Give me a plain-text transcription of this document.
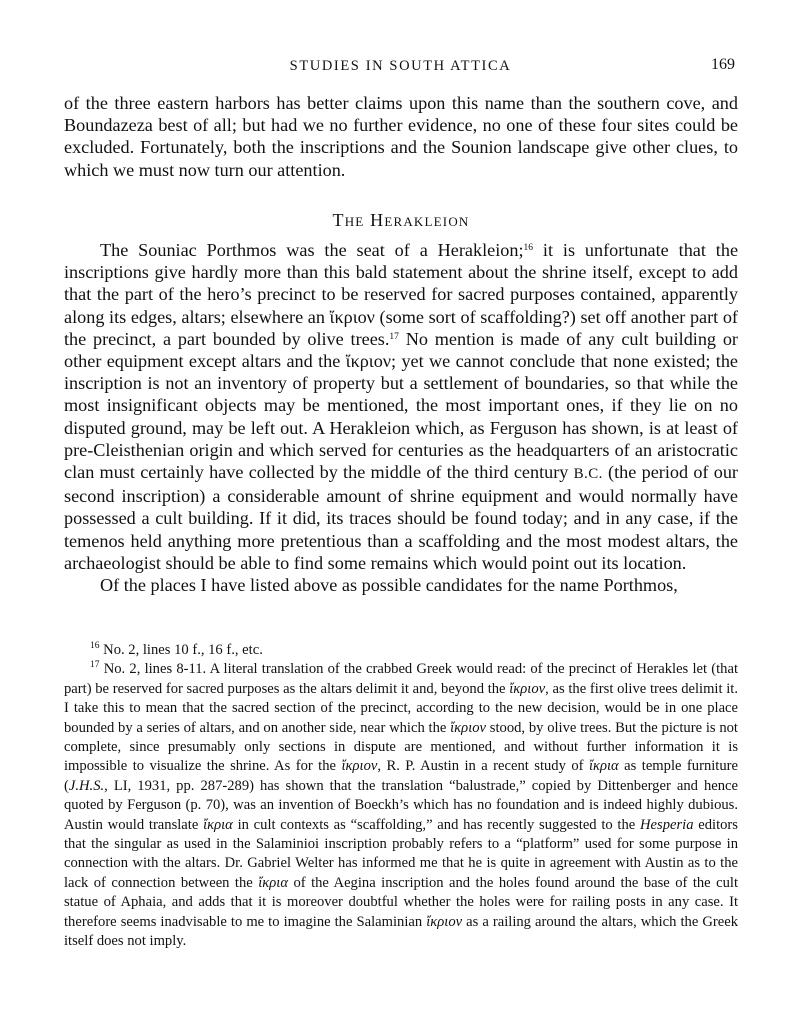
STUDIES IN SOUTH ATTICA	169

of the three eastern harbors has better claims upon this name than the southern cove, and Boundazeza best of all; but had we no further evidence, no one of these four sites could be excluded. Fortunately, both the inscriptions and the Sounion landscape give other clues, to which we must now turn our attention.

The Herakleion

The Souniac Porthmos was the seat of a Herakleion;$^{16}$ it is unfortunate that the inscriptions give hardly more than this bald statement about the shrine itself, except to add that the part of the hero’s precinct to be reserved for sacred purposes contained, apparently along its edges, altars; elsewhere an ἴκριον (some sort of scaffolding?) set off another part of the precinct, a part bounded by olive trees.$^{17}$ No mention is made of any cult building or other equipment except altars and the ἴκριον; yet we cannot conclude that none existed; the inscription is not an inventory of property but a settlement of boundaries, so that while the most insignificant objects may be mentioned, the most important ones, if they lie on no disputed ground, may be left out. A Herakleion which, as Ferguson has shown, is at least of pre-Cleisthenian origin and which served for centuries as the headquarters of an aristocratic clan must certainly have collected by the middle of the third century B.C. (the period of our second inscription) a considerable amount of shrine equipment and would normally have possessed a cult building. If it did, its traces should be found today; and in any case, if the temenos held anything more pretentious than a scaffolding and the most modest altars, the archaeologist should be able to find some remains which would point out its location.

Of the places I have listed above as possible candidates for the name Porthmos,

$^{16}$ No. 2, lines 10 f., 16 f., etc.

$^{17}$ No. 2, lines 8-11. A literal translation of the crabbed Greek would read: of the precinct of Herakles let (that part) be reserved for sacred purposes as the altars delimit it and, beyond the ἴκριον, as the first olive trees delimit it. I take this to mean that the sacred section of the precinct, according to the new decision, would be in one place bounded by a series of altars, and on another side, near which the ἴκριον stood, by olive trees. But the picture is not complete, since presumably only sections in dispute are mentioned, and without further information it is impossible to visualize the shrine. As for the ἴκριον, R. P. Austin in a recent study of ἴκρια as temple furniture (J.H.S., LI, 1931, pp. 287-289) has shown that the translation “balustrade,” copied by Dittenberger and hence quoted by Ferguson (p. 70), was an invention of Boeckh’s which has no foundation and is indeed highly dubious. Austin would translate ἴκρια in cult contexts as “scaffolding,” and has recently suggested to the Hesperia editors that the singular as used in the Salaminioi inscription probably refers to a “platform” used for some purpose in connection with the altars. Dr. Gabriel Welter has informed me that he is quite in agreement with Austin as to the lack of connection between the ἴκρια of the Aegina inscription and the holes found around the base of the cult statue of Aphaia, and adds that it is moreover doubtful whether the holes were for railing posts in any case. It therefore seems inadvisable to me to imagine the Salaminian ἴκριον as a railing around the altars, which the Greek itself does not imply.
